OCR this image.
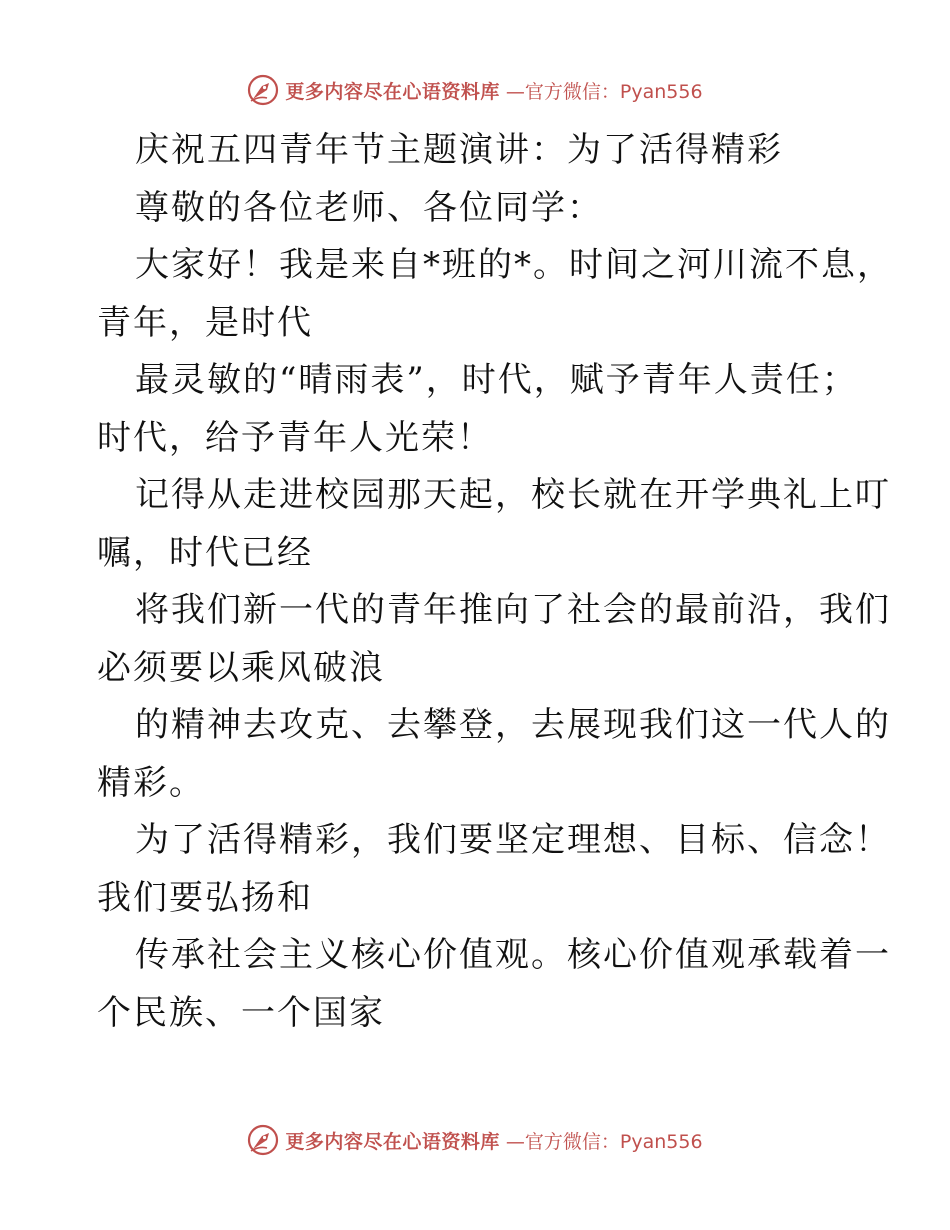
更多内容尽在心语资料库 —官方微信：Pyan556
庆祝五四青年节主题演讲：为了活得精彩
尊敬的各位老师、各位同学：
大家好！我是来自*班的*。时间之河川流不息，
青年，是时代
最灵敏的“晴雨表”，时代，赋予青年人责任；
时代，给予青年人光荣！
记得从走进校园那天起，校长就在开学典礼上叮
嘱，时代已经
将我们新一代的青年推向了社会的最前沿，我们
必须要以乘风破浪
的精神去攻克、去攀登，去展现我们这一代人的
精彩。
为了活得精彩，我们要坚定理想、目标、信念！
我们要弘扬和
传承社会主义核心价值观。核心价值观承载着一
个民族、一个国家
更多内容尽在心语资料库 —官方微信：Pyan556
